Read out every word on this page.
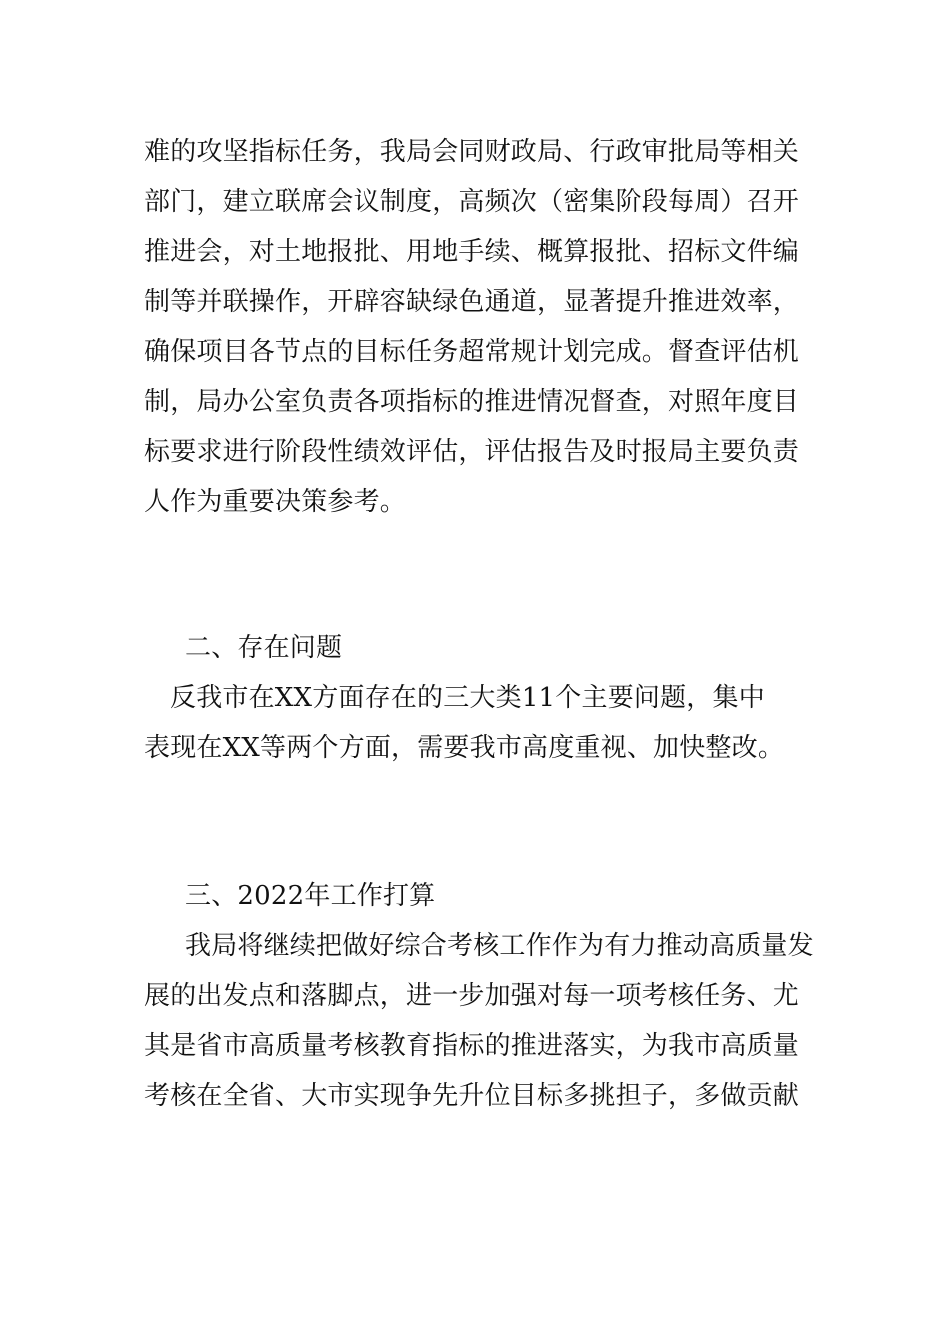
难的攻坚指标任务，我局会同财政局、行政审批局等相关
部门，建立联席会议制度，高频次（密集阶段每周）召开
推进会，对土地报批、用地手续、概算报批、招标文件编
制等并联操作，开辟容缺绿色通道，显著提升推进效率，
确保项目各节点的目标任务超常规计划完成。督查评估机
制，局办公室负责各项指标的推进情况督查，对照年度目
标要求进行阶段性绩效评估，评估报告及时报局主要负责
人作为重要决策参考。
二、存在问题
反我市在XX方面存在的三大类11个主要问题，集中
表现在XX等两个方面，需要我市高度重视、加快整改。
三、2022年工作打算
我局将继续把做好综合考核工作作为有力推动高质量发
展的出发点和落脚点，进一步加强对每一项考核任务、尤
其是省市高质量考核教育指标的推进落实，为我市高质量
考核在全省、大市实现争先升位目标多挑担子，多做贡献
